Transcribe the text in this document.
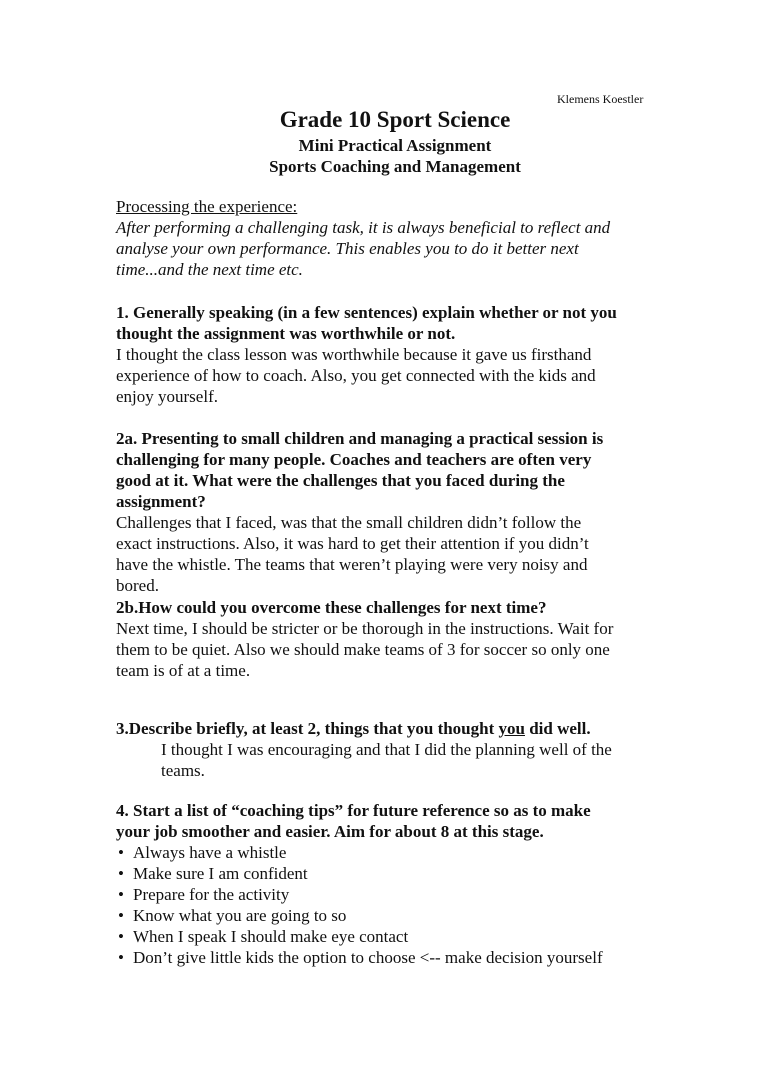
Klemens Koestler
Grade 10 Sport Science
Mini Practical Assignment
Sports Coaching and Management
Processing the experience:
After performing a challenging task, it is always beneficial to reflect and
analyse your own performance. This enables you to do it better next
time...and the next time etc.
1. Generally speaking (in a few sentences) explain whether or not you
thought the assignment was worthwhile or not.
I thought the class lesson was worthwhile because it gave us firsthand
experience of how to coach. Also, you get connected with the kids and
enjoy yourself.
2a. Presenting to small children and managing a practical session is
challenging for many people. Coaches and teachers are often very
good at it. What were the challenges that you faced during the
assignment?
Challenges that I faced, was that the small children didn’t follow the
exact instructions. Also, it was hard to get their attention if you didn’t
have the whistle. The teams that weren’t playing were very noisy and
bored.
2b.How could you overcome these challenges for next time?
Next time, I should be stricter or be thorough in the instructions. Wait for
them to be quiet. Also we should make teams of 3 for soccer so only one
team is of at a time.
3.Describe briefly, at least 2, things that you thought you did well.
I thought I was encouraging and that I did the planning well of the
teams.
4. Start a list of “coaching tips” for future reference so as to make
your job smoother and easier. Aim for about 8 at this stage.
• Always have a whistle
• Make sure I am confident
• Prepare for the activity
• Know what you are going to so
• When I speak I should make eye contact
• Don’t give little kids the option to choose <-- make decision yourself
